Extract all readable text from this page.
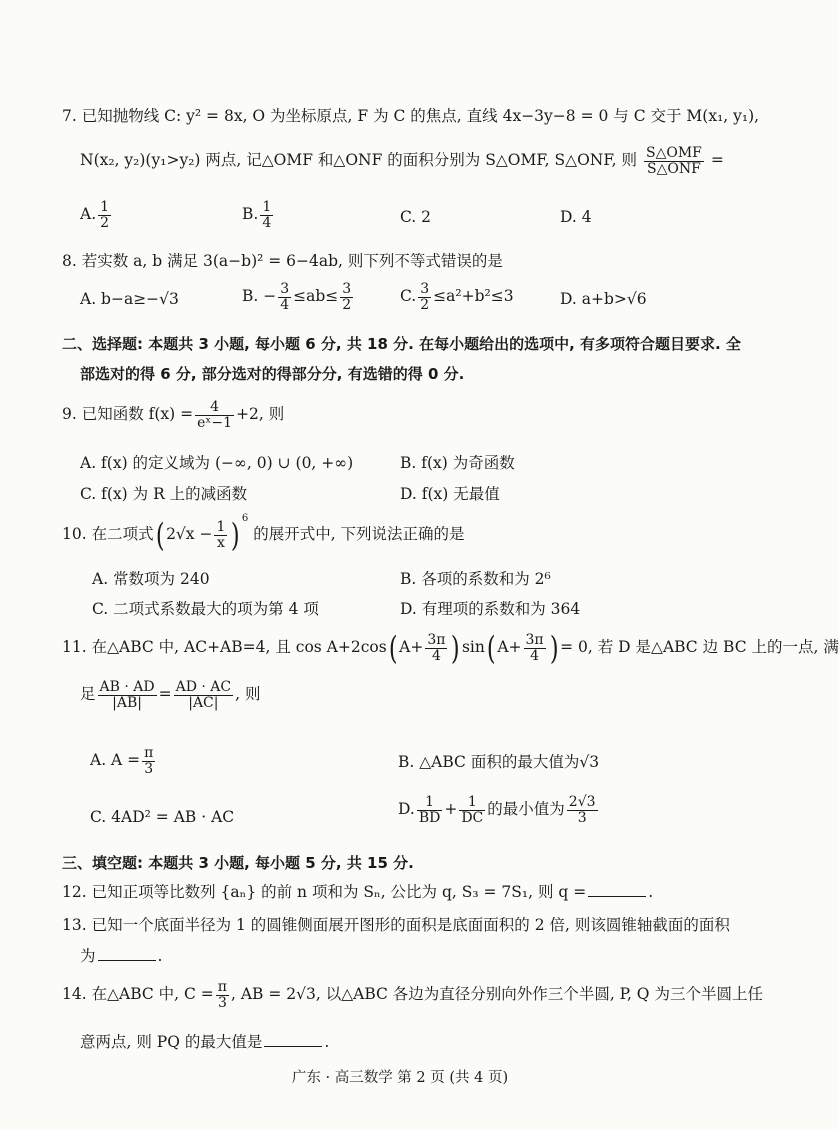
7. 已知抛物线 C: y² = 8x, O 为坐标原点, F 为 C 的焦点, 直线 4x−3y−8 = 0 与 C 交于 M(x₁, y₁),
N(x₂, y₂)(y₁>y₂) 两点, 记△OMF 和△ONF 的面积分别为 S△OMF, S△ONF, 则 S△OMF
S△ONF =
A. $\frac{1}{2}$	B. $\frac{1}{4}$	C. 2	D. 4
8. 若实数 a, b 满足 3(a−b)² = 6−4ab, 则下列不等式错误的是
A. b−a≥−√3	B. − $\frac{3}{4} \le ab\le \frac{3}{2}$	C. $\frac{3}{2} \le a^2+b^2\le 3$	D. a+b>√6
二、选择题: 本题共 3 小题, 每小题 6 分, 共 18 分. 在每小题给出的选项中, 有多项符合题目要求. 全
部选对的得 6 分, 部分选对的得部分分, 有选错的得 0 分.
9. 已知函数 $f(x) = \frac{4}{\text{eˣ−1}} +2$, 则
A. f(x) 的定义域为 (−∞, 0) ∪ (0, +∞)	B. f(x) 为奇函数
C. f(x) 为 R 上的减函数	D. f(x) 无最值
10. 在二项式( $2√x - \frac{1}{x}$ ) $^6$ 的展开式中, 下列说法正确的是
A. 常数项为 240	B. 各项的系数和为 2⁶
C. 二项式系数最大的项为第 4 项	D. 有理项的系数和为 364
11. 在△ABC 中, AC+AB=4, 且 cos A+2cos( $A+ \frac{3\pi}{4}$ ) sin( $A+ \frac{3\pi}{4}$ ) = 0, 若 D 是△ABC 边 BC 上的一点, 满
足 $\frac{AB \cdot AD}{|AB|} = \frac{AD \cdot AC}{|AC|}$ , 则
A. $A = \frac{\pi}{3}$	B. △ABC 面积的最大值为√3
C. 4AD² = AB · AC	D. $\frac{1}{BD} + \frac{1}{DC}$ 的最小值为 $\frac{2√3}{3}$
三、填空题: 本题共 3 小题, 每小题 5 分, 共 15 分.
12. 已知正项等比数列 {aₙ} 的前 n 项和为 Sₙ, 公比为 q, S₃ = 7S₁, 则 q =	.
13. 已知一个底面半径为 1 的圆锥侧面展开图形的面积是底面面积的 2 倍, 则该圆锥轴截面的面积
为	.
14. 在△ABC 中, $C = \frac{\pi}{3}$ , AB = 2√3, 以△ABC 各边为直径分别向外作三个半圆, P, Q 为三个半圆上任
意两点, 则 PQ 的最大值是	.
广东 · 高三数学 第 2 页 (共 4 页)
